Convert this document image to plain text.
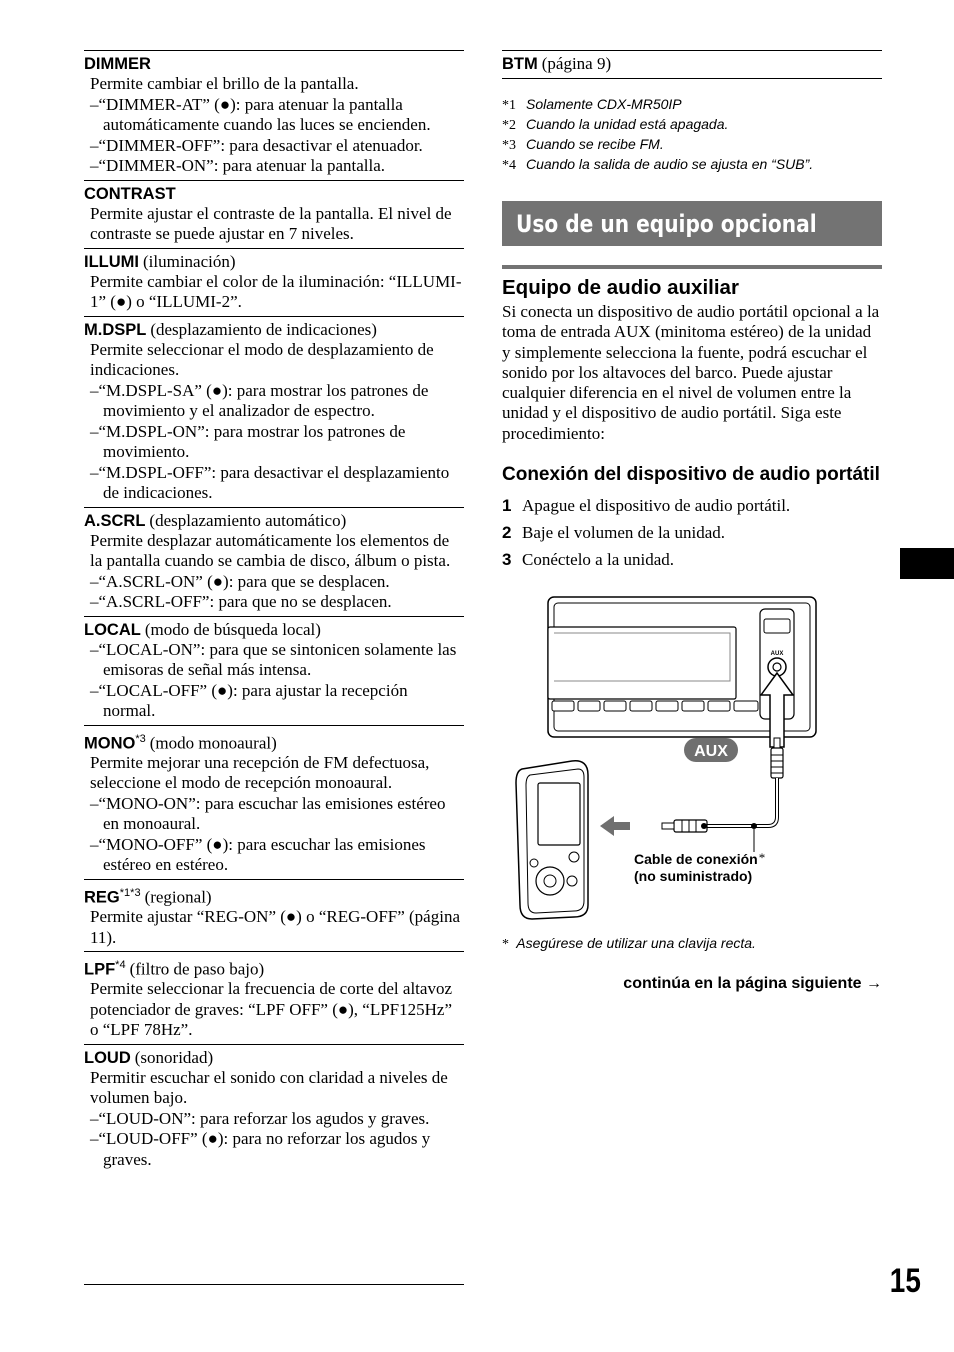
DIMMER
Permite cambiar el brillo de la pantalla.
–“DIMMER-AT” (●): para atenuar la pantalla automáticamente cuando las luces se encienden.
–“DIMMER-OFF”: para desactivar el atenuador.
–“DIMMER-ON”: para atenuar la pantalla.
CONTRAST
Permite ajustar el contraste de la pantalla. El nivel de contraste se puede ajustar en 7 niveles.
ILLUMI (iluminación)
Permite cambiar el color de la iluminación: “ILLUMI-1” (●) o “ILLUMI-2”.
M.DSPL (desplazamiento de indicaciones)
Permite seleccionar el modo de desplazamiento de indicaciones.
–“M.DSPL-SA” (●): para mostrar los patrones de movimiento y el analizador de espectro.
–“M.DSPL-ON”: para mostrar los patrones de movimiento.
–“M.DSPL-OFF”: para desactivar el desplazamiento de indicaciones.
A.SCRL (desplazamiento automático)
Permite desplazar automáticamente los elementos de la pantalla cuando se cambia de disco, álbum o pista.
–“A.SCRL-ON” (●): para que se desplacen.
–“A.SCRL-OFF”: para que no se desplacen.
LOCAL (modo de búsqueda local)
–“LOCAL-ON”: para que se sintonicen solamente las emisoras de señal más intensa.
–“LOCAL-OFF” (●): para ajustar la recepción normal.
MONO$^{*3}$ (modo monoaural)
Permite mejorar una recepción de FM defectuosa, seleccione el modo de recepción monoaural.
–“MONO-ON”: para escuchar las emisiones estéreo en monoaural.
–“MONO-OFF” (●): para escuchar las emisiones estéreo en estéreo.
$REG^{*1*3}$ (regional)
Permite ajustar “REG-ON” (●) o “REG-OFF” (página 11).
LPF$^{*4}$ (filtro de paso bajo)
Permite seleccionar la frecuencia de corte del altavoz potenciador de graves: “LPF OFF” (●), “LPF125Hz” o “LPF 78Hz”.
LOUD (sonoridad)
Permitir escuchar el sonido con claridad a niveles de volumen bajo.
–“LOUD-ON”: para reforzar los agudos y graves.
–“LOUD-OFF” (●): para no reforzar los agudos y graves.
BTM (página 9)
*1 Solamente CDX-MR50IP
*2 Cuando la unidad está apagada.
*3 Cuando se recibe FM.
*4 Cuando la salida de audio se ajusta en “SUB”.
Uso de un equipo opcional
Equipo de audio auxiliar
Si conecta un dispositivo de audio portátil opcional a la toma de entrada AUX (minitoma estéreo) de la unidad y simplemente selecciona la fuente, podrá escuchar el sonido por los altavoces del barco. Puede ajustar cualquier diferencia en el nivel de volumen entre la unidad y el dispositivo de audio portátil. Siga este procedimiento:
Conexión del dispositivo de audio portátil
1 Apague el dispositivo de audio portátil.
2 Baje el volumen de la unidad.
3 Conéctelo a la unidad.
AUX
AUX
Cable de conexión*
(no suministrado)
* Asegúrese de utilizar una clavija recta.
continúa en la página siguiente →
15
